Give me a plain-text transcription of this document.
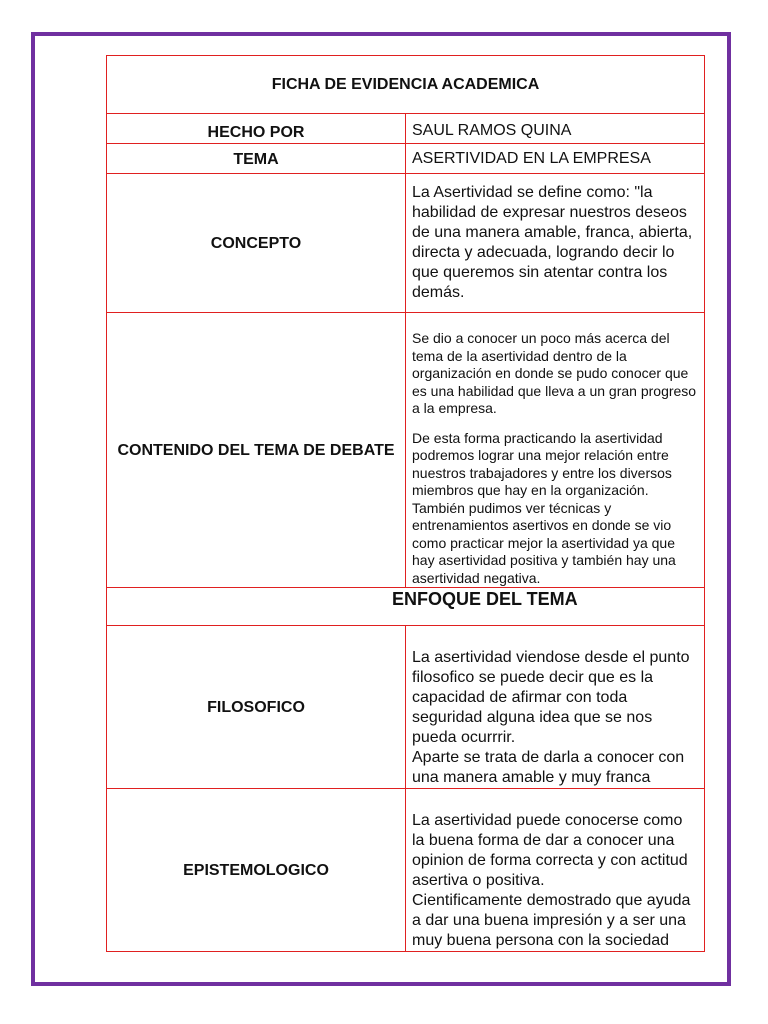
FICHA DE EVIDENCIA ACADEMICA	
HECHO POR	SAUL RAMOS QUINA
TEMA	ASERTIVIDAD EN LA EMPRESA
CONCEPTO	La Asertividad se define como: "la habilidad de expresar nuestros deseos de una manera amable, franca, abierta, directa y adecuada, logrando decir lo que queremos sin atentar contra los demás.
CONTENIDO DEL TEMA DE DEBATE	Se dio a conocer un poco más acerca del tema de la asertividad dentro de la organización en donde se pudo conocer que es una habilidad que lleva a un gran progreso a la empresa.

De esta forma practicando la asertividad podremos lograr una mejor relación entre nuestros trabajadores y entre los diversos miembros que hay en la organización. También pudimos ver técnicas y entrenamientos asertivos en donde se vio como practicar mejor la asertividad ya que hay asertividad positiva y también hay una asertividad negativa.

ENFOQUE DEL TEMA	
FILOSOFICO	La asertividad viendose desde el punto filosofico se puede decir que es la capacidad de afirmar con toda seguridad alguna idea que se nos pueda ocurrrir.

Aparte se trata de darla a conocer con una manera amable y muy franca

EPISTEMOLOGICO	La asertividad puede conocerse como la buena forma de dar a conocer una opinion de forma correcta y con actitud asertiva o positiva.

Cientificamente demostrado que ayuda a dar una buena impresión y a ser una muy buena persona con la sociedad
